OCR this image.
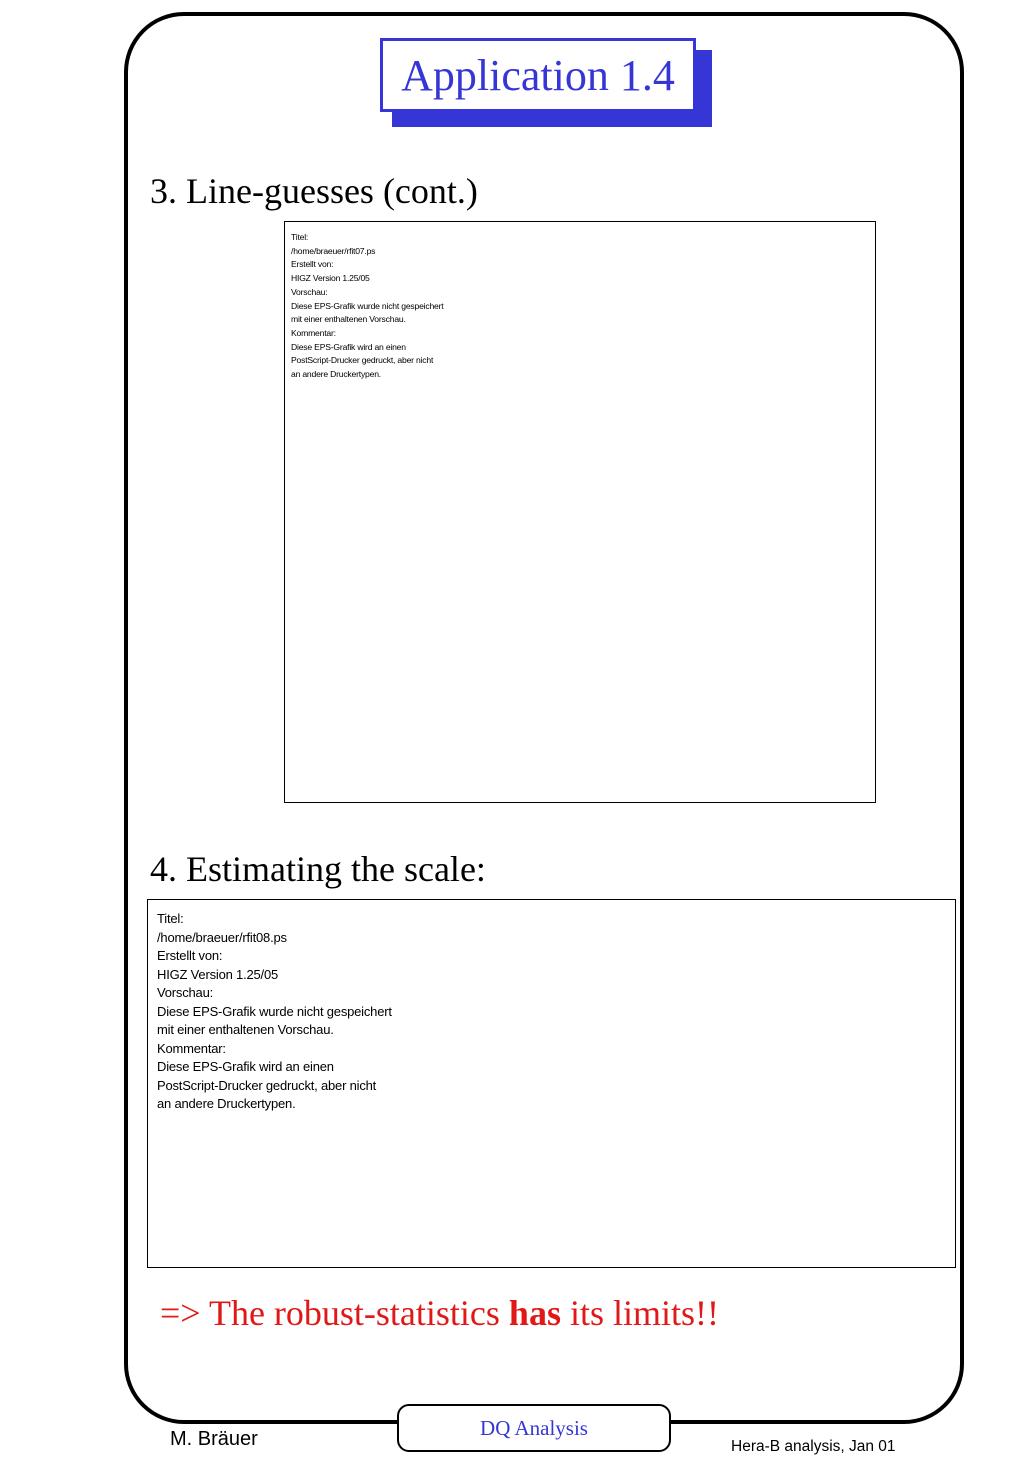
Application 1.4
3. Line-guesses (cont.)
Titel:
/home/braeuer/rfit07.ps
Erstellt von:
HIGZ Version 1.25/05
Vorschau:
Diese EPS-Grafik wurde nicht gespeichert
mit einer enthaltenen Vorschau.
Kommentar:
Diese EPS-Grafik wird an einen
PostScript-Drucker gedruckt, aber nicht
an andere Druckertypen.
4. Estimating the scale:
Titel:
/home/braeuer/rfit08.ps
Erstellt von:
HIGZ Version 1.25/05
Vorschau:
Diese EPS-Grafik wurde nicht gespeichert
mit einer enthaltenen Vorschau.
Kommentar:
Diese EPS-Grafik wird an einen
PostScript-Drucker gedruckt, aber nicht
an andere Druckertypen.
=> The robust-statistics has its limits!!
DQ Analysis
M. Bräuer	Hera-B analysis, Jan 01
